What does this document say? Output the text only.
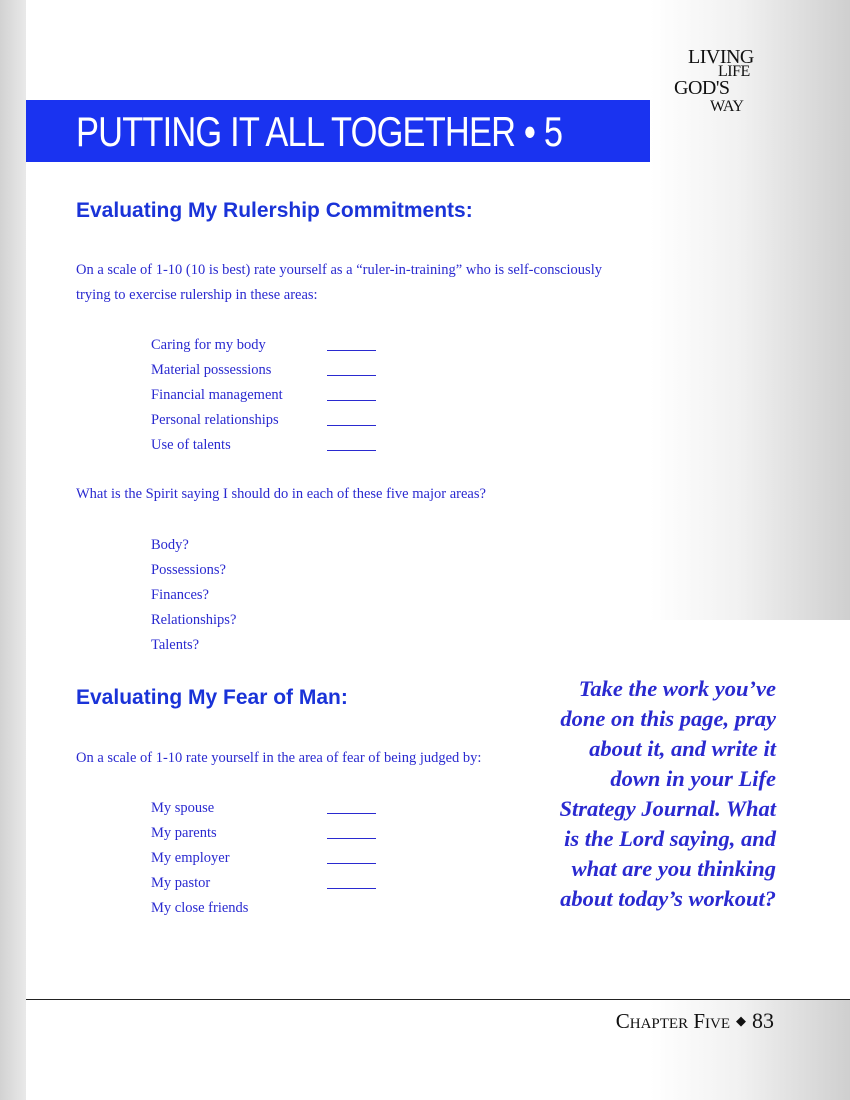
LIVING
LIFE
GOD'S
WAY
PUTTING IT ALL TOGETHER • 5
Evaluating My Rulership Commitments:
On a scale of 1-10 (10 is best) rate yourself as a “ruler-in-training” who is self-consciously trying to exercise rulership in these areas:
Caring for my body
Material possessions
Financial management
Personal relationships
Use of talents
What is the Spirit saying I should do in each of these five major areas?
Body?
Possessions?
Finances?
Relationships?
Talents?
Evaluating My Fear of Man:
On a scale of 1-10 rate yourself in the area of fear of being judged by:
My spouse
My parents
My employer
My pastor
My close friends
Take the work you’ve done on this page, pray about it, and write it down in your Life Strategy Journal. What is the Lord saying, and what are you thinking about today’s workout?
Chapter Five ◆ 83
